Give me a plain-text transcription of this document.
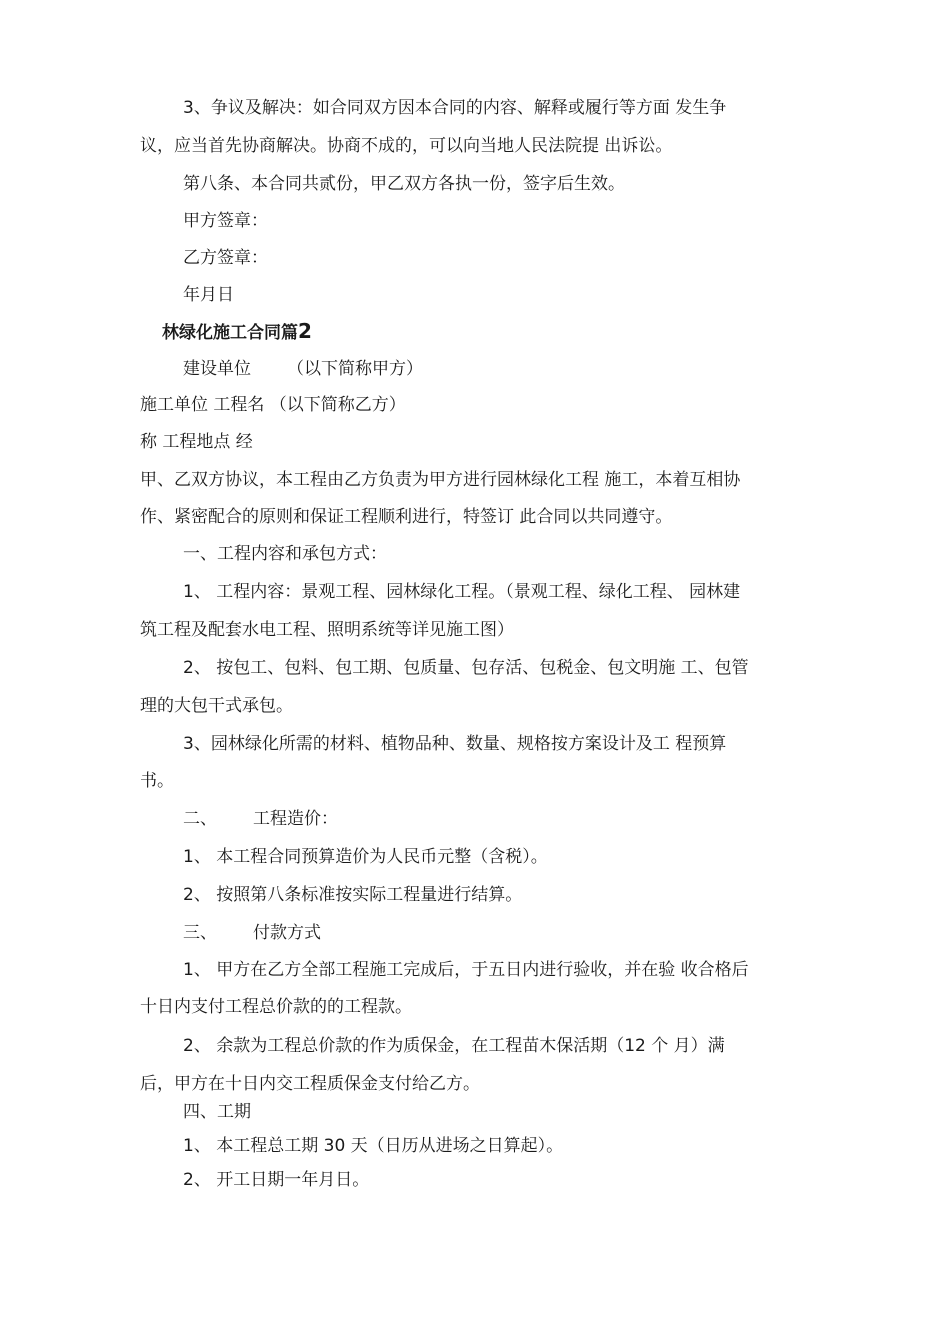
3、争议及解决：如合同双方因本合同的内容、解释或履行等方面 发生争

议，应当首先协商解决。协商不成的，可以向当地人民法院提 出诉讼。

第八条、本合同共贰份，甲乙双方各执一份，签字后生效。

甲方签章：

乙方签章：

年月日

林绿化施工合同篇2

建设单位 （以下简称甲方）

施工单位 工程名 （以下简称乙方）

称 工程地点 经

甲、乙双方协议，本工程由乙方负责为甲方进行园林绿化工程 施工，本着互相协

作、紧密配合的原则和保证工程顺利进行，特签订 此合同以共同遵守。

一、工程内容和承包方式：

1、 工程内容：景观工程、园林绿化工程。（景观工程、绿化工程、 园林建

筑工程及配套水电工程、照明系统等详见施工图）

2、 按包工、包料、包工期、包质量、包存活、包税金、包文明施 工、包管

理的大包干式承包。

3、园林绿化所需的材料、植物品种、数量、规格按方案设计及工 程预算

书。

二、 工程造价：

1、 本工程合同预算造价为人民币元整（含税）。

2、 按照第八条标准按实际工程量进行结算。

三、 付款方式

1、 甲方在乙方全部工程施工完成后，于五日内进行验收，并在验 收合格后

十日内支付工程总价款的的工程款。

2、 余款为工程总价款的作为质保金，在工程苗木保活期（12 个 月）满

后，甲方在十日内交工程质保金支付给乙方。

四、工期

1、 本工程总工期 30 天（日历从进场之日算起）。

2、 开工日期一年月日。
